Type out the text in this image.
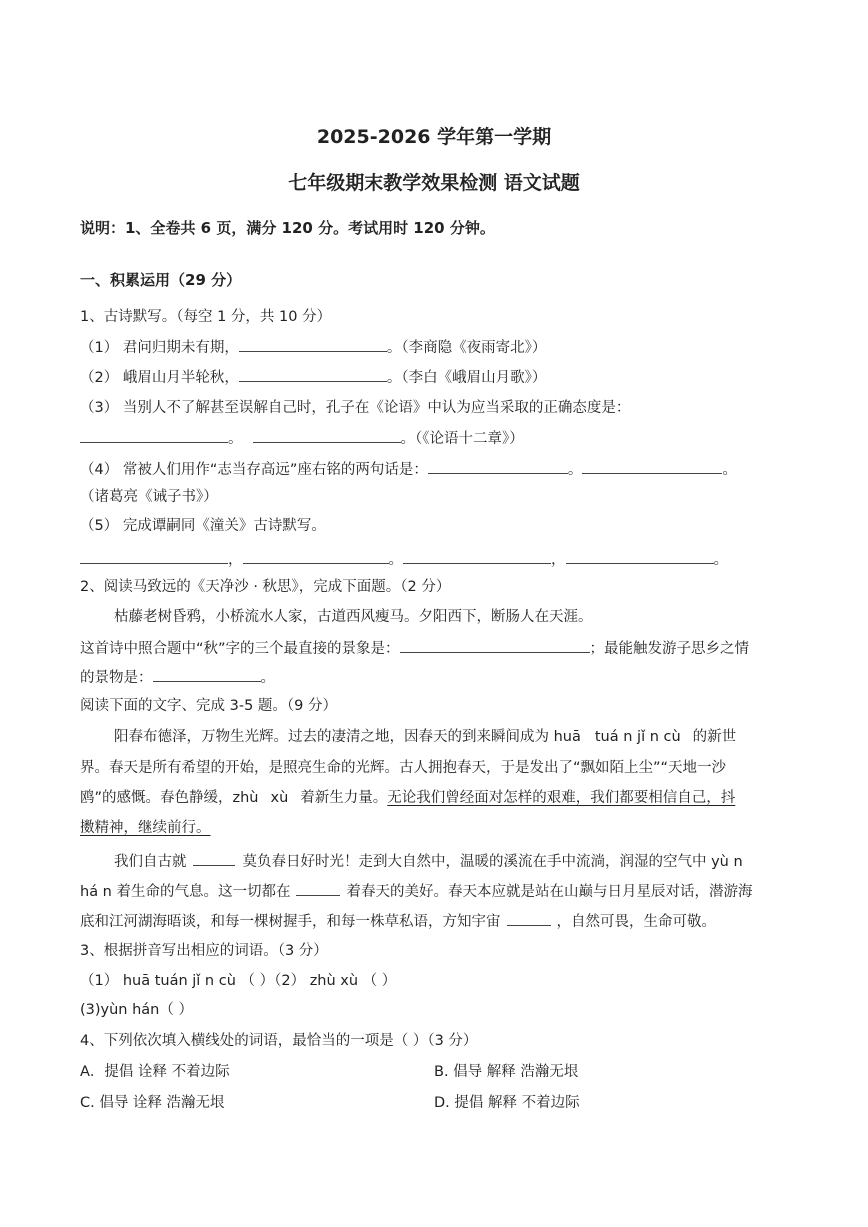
2025-2026 学年第一学期
七年级期末教学效果检测 语文试题
说明：1、全卷共 6 页，满分 120 分。考试用时 120 分钟。
一、积累运用（29 分）
1、古诗默写。（每空 1 分，共 10 分）
（1） 君问归期未有期，	。（李商隐《夜雨寄北》）
（2） 峨眉山月半轮秋，	。（李白《峨眉山月歌》）
（3） 当别人不了解甚至误解自己时，孔子在《论语》中认为应当采取的正确态度是：
。	。（《论语十二章》）
（4） 常被人们用作“志当存高远”座右铭的两句话是：	。	。
（诸葛亮《诫子书》）
（5） 完成谭嗣同《潼关》古诗默写。
，	。	，	。
2、阅读马致远的《天净沙 · 秋思》，完成下面题。（2 分）
枯藤老树昏鸦，小桥流水人家，古道西风瘦马。夕阳西下，断肠人在天涯。
这首诗中照合题中“秋”字的三个最直接的景象是：	；最能触发游子思乡之情
的景物是：	。
阅读下面的文字、完成 3-5 题。（9 分）
阳春布德泽，万物生光辉。过去的凄清之地，因春天的到来瞬间成为 huā tuá n jǐ n cù 的新世
界。春天是所有希望的开始，是照亮生命的光辉。古人拥抱春天，于是发出了“飘如陌上尘”“天地一沙
鸥”的感慨。春色静缓，zhù xù 着新生力量。无论我们曾经面对怎样的艰难，我们都要相信自己，抖
擞精神，继续前行。
我们自古就	莫负春日好时光！走到大自然中，温暖的溪流在手中流淌，润湿的空气中 yù n
há n 着生命的气息。这一切都在	着春天的美好。春天本应就是站在山巅与日月星辰对话，潜游海
底和江河湖海晤谈，和每一棵树握手，和每一株草私语，方知宇宙	，自然可畏，生命可敬。
3、根据拼音写出相应的词语。（3 分）
（1） huā tuán jǐ n cù （ ）（2） zhù xù （ ）
(3)yùn hán（ ）
4、下列依次填入横线处的词语，最恰当的一项是（ ）（3 分）
A．提倡 诠释 不着边际	B. 倡导 解释 浩瀚无垠
C. 倡导 诠释 浩瀚无垠	D. 提倡 解释 不着边际
